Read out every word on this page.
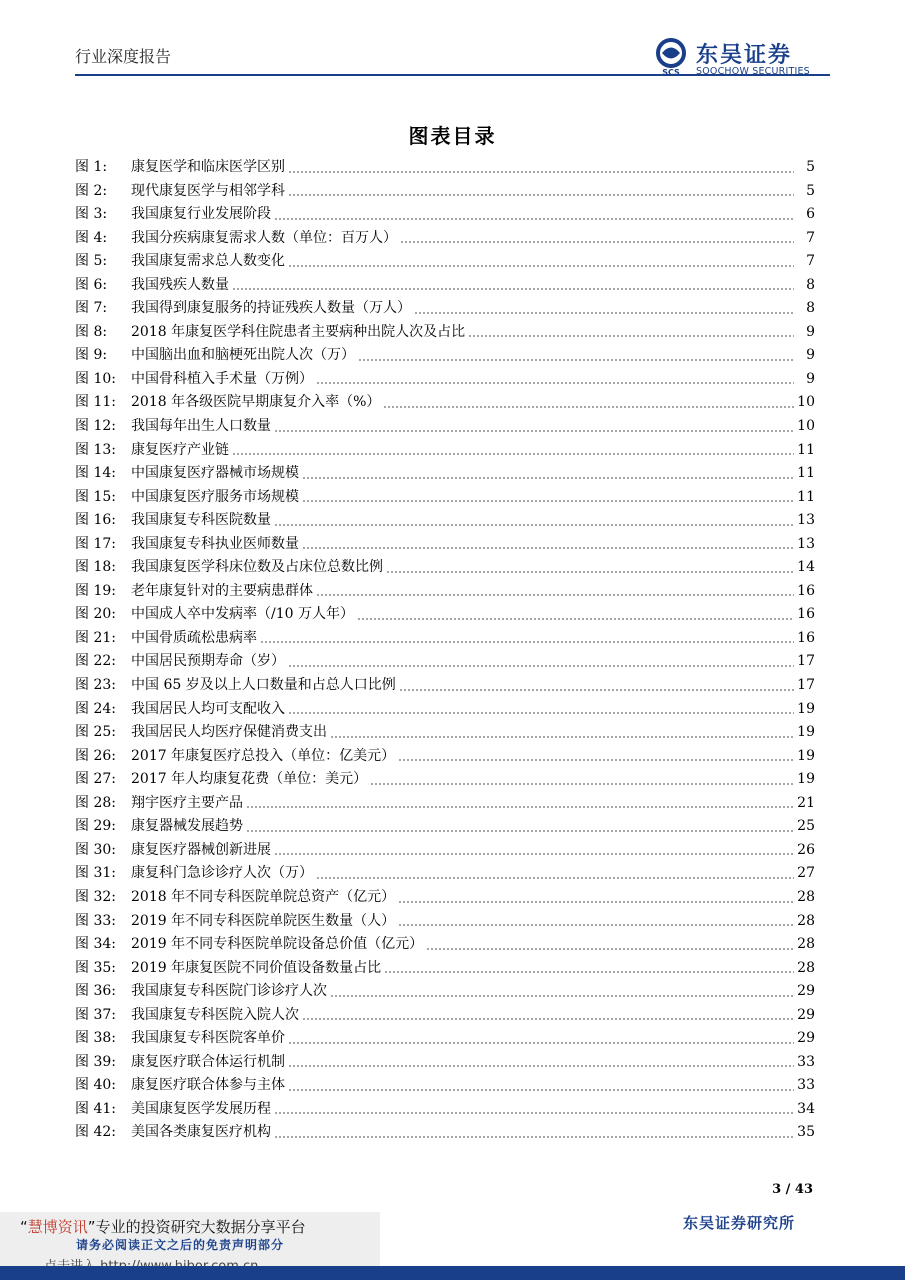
行业深度报告
SCS
东吴证券
SOOCHOW SECURITIES
图表目录
图 1:	康复医学和临床医学区别	5
图 2:	现代康复医学与相邻学科	5
图 3:	我国康复行业发展阶段	6
图 4:	我国分疾病康复需求人数（单位：百万人）	7
图 5:	我国康复需求总人数变化	7
图 6:	我国残疾人数量	8
图 7:	我国得到康复服务的持证残疾人数量（万人）	8
图 8:	2018 年康复医学科住院患者主要病种出院人次及占比	9
图 9:	中国脑出血和脑梗死出院人次（万）	9
图 10:	中国骨科植入手术量（万例）	9
图 11:	2018 年各级医院早期康复介入率（%）	10
图 12:	我国每年出生人口数量	10
图 13:	康复医疗产业链	11
图 14:	中国康复医疗器械市场规模	11
图 15:	中国康复医疗服务市场规模	11
图 16:	我国康复专科医院数量	13
图 17:	我国康复专科执业医师数量	13
图 18:	我国康复医学科床位数及占床位总数比例	14
图 19:	老年康复针对的主要病患群体	16
图 20:	中国成人卒中发病率（/10 万人年）	16
图 21:	中国骨质疏松患病率	16
图 22:	中国居民预期寿命（岁）	17
图 23:	中国 65 岁及以上人口数量和占总人口比例	17
图 24:	我国居民人均可支配收入	19
图 25:	我国居民人均医疗保健消费支出	19
图 26:	2017 年康复医疗总投入（单位：亿美元）	19
图 27:	2017 年人均康复花费（单位：美元）	19
图 28:	翔宇医疗主要产品	21
图 29:	康复器械发展趋势	25
图 30:	康复医疗器械创新进展	26
图 31:	康复科门急诊诊疗人次（万）	27
图 32:	2018 年不同专科医院单院总资产（亿元）	28
图 33:	2019 年不同专科医院单院医生数量（人）	28
图 34:	2019 年不同专科医院单院设备总价值（亿元）	28
图 35:	2019 年康复医院不同价值设备数量占比	28
图 36:	我国康复专科医院门诊诊疗人次	29
图 37:	我国康复专科医院入院人次	29
图 38:	我国康复专科医院客单价	29
图 39:	康复医疗联合体运行机制	33
图 40:	康复医疗联合体参与主体	33
图 41:	美国康复医学发展历程	34
图 42:	美国各类康复医疗机构	35
3 / 43
东吴证券研究所
“慧博资讯”专业的投资研究大数据分享平台
请务必阅读正文之后的免责声明部分
